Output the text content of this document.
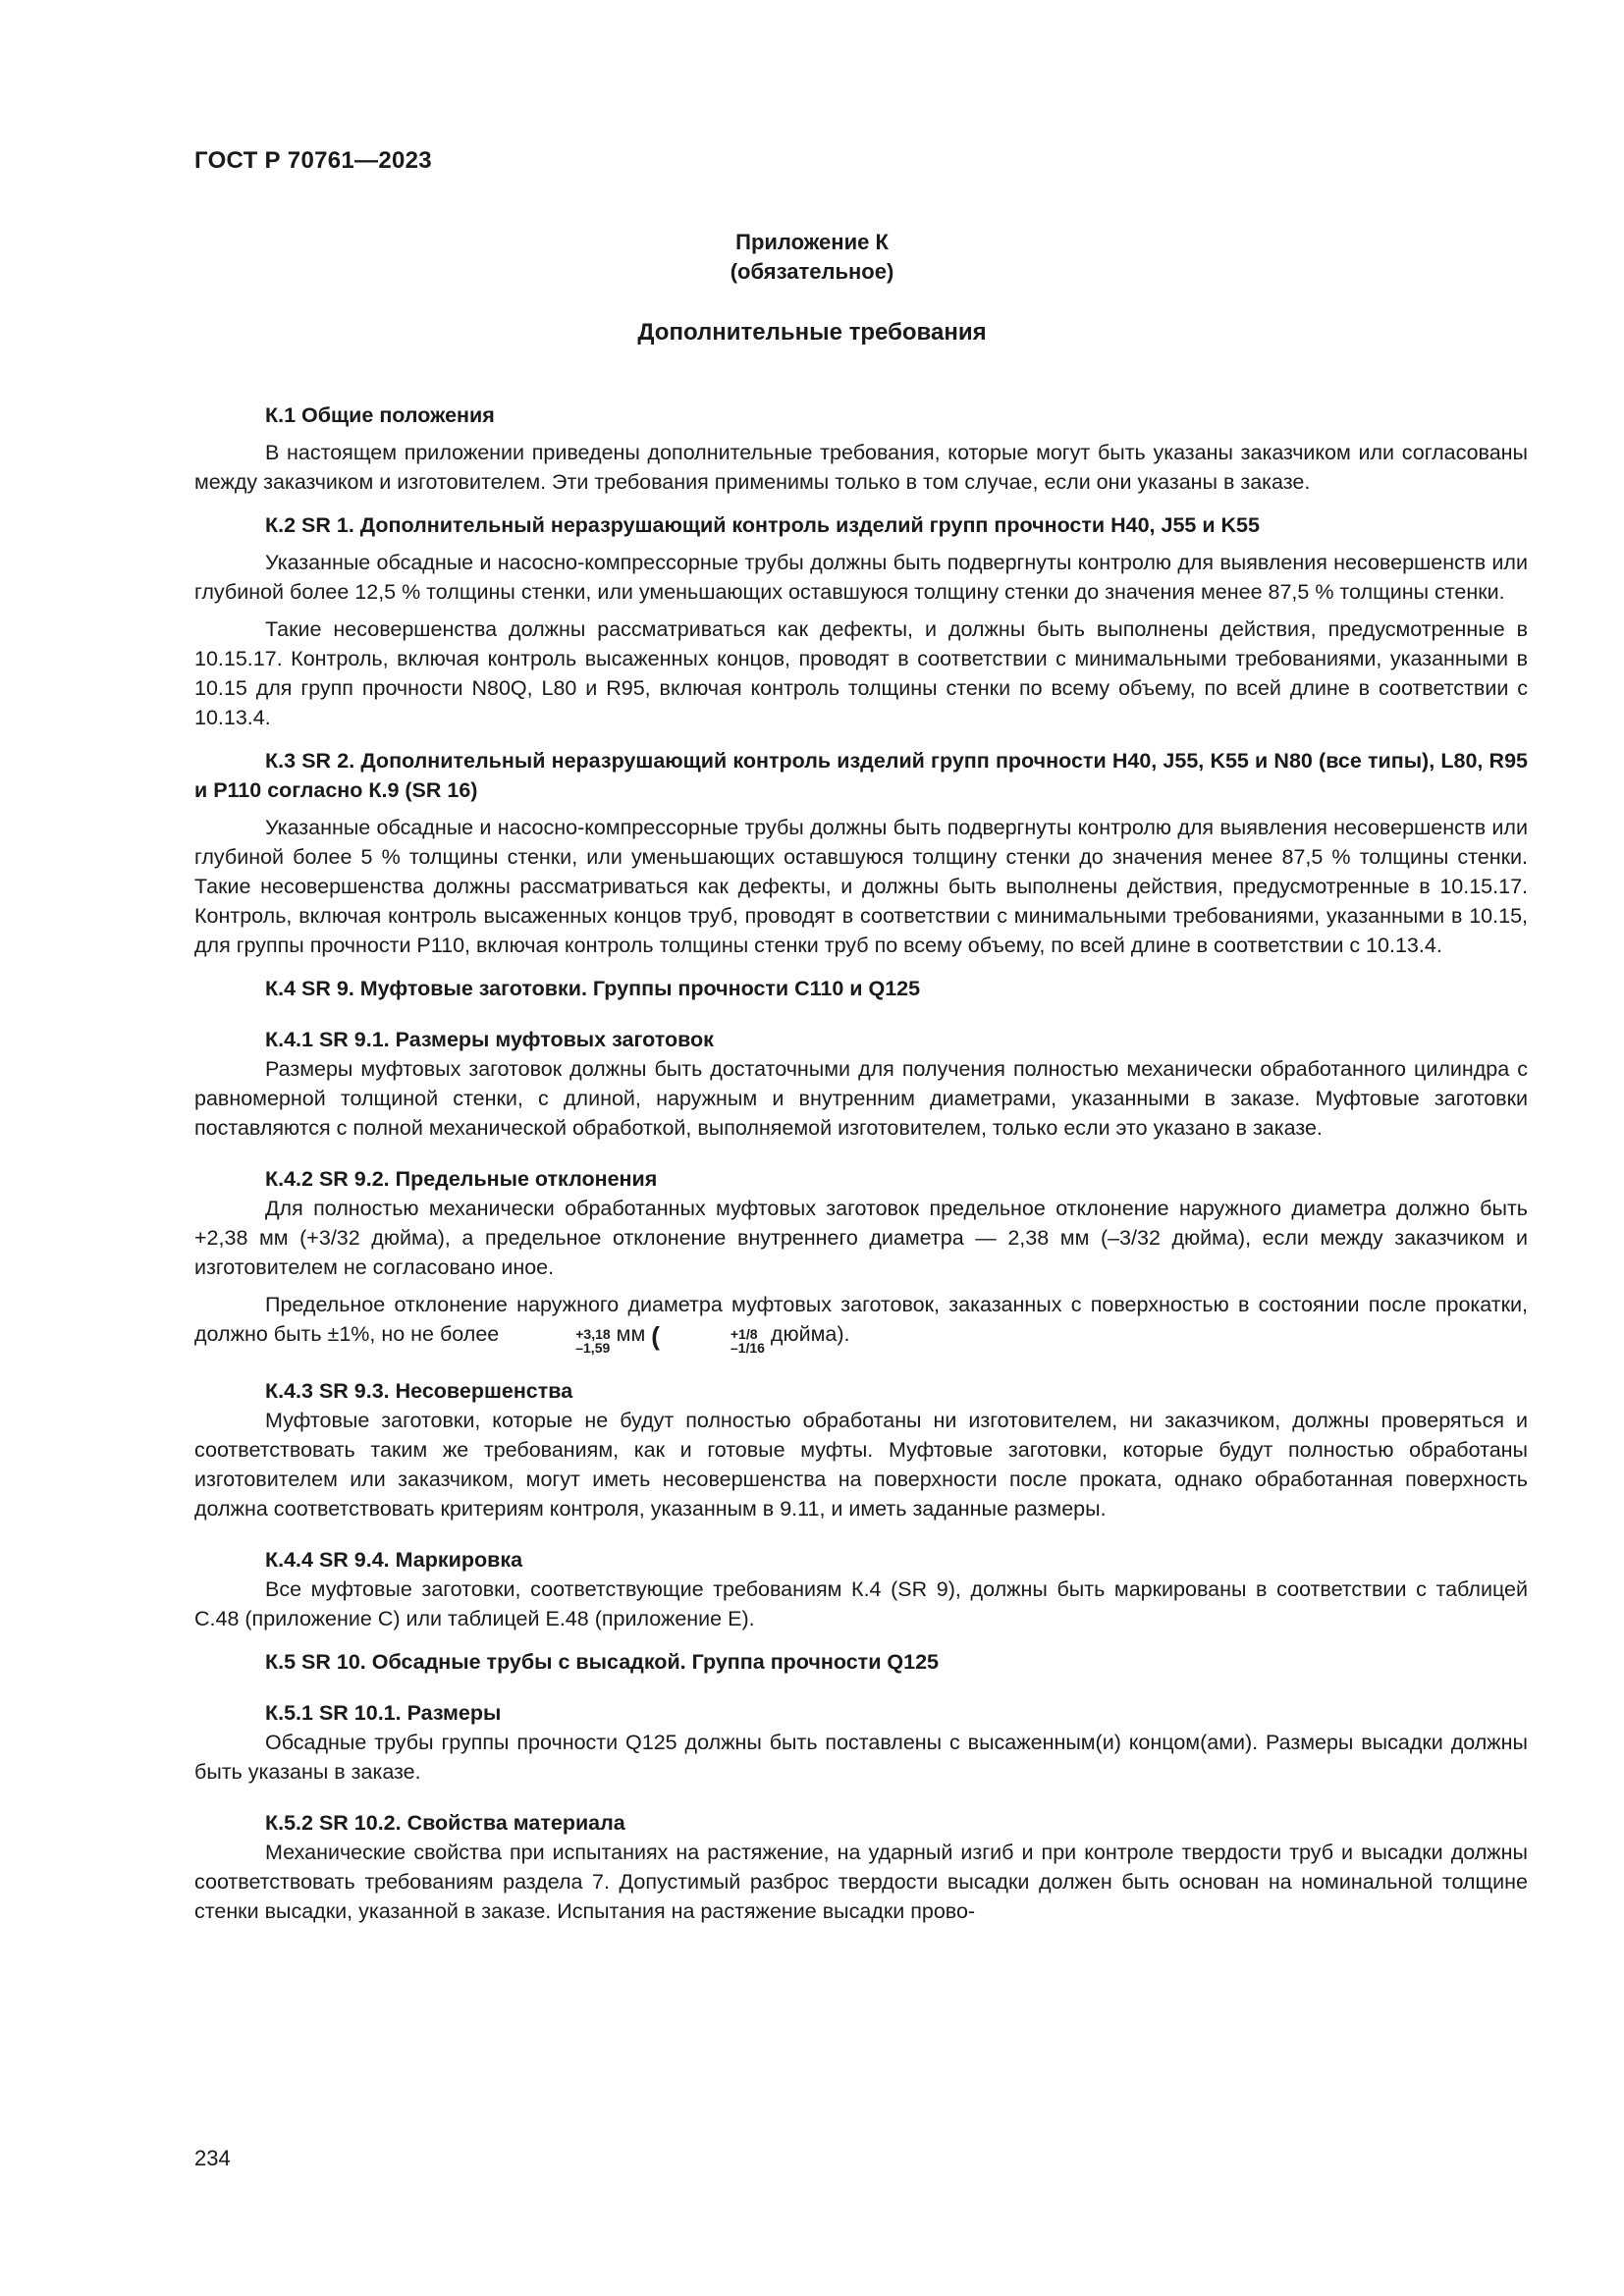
ГОСТ Р 70761—2023
Приложение К
(обязательное)
Дополнительные требования
К.1 Общие положения

В настоящем приложении приведены дополнительные требования, которые могут быть указаны заказчиком или согласованы между заказчиком и изготовителем. Эти требования применимы только в том случае, если они указаны в заказе.

К.2 SR 1. Дополнительный неразрушающий контроль изделий групп прочности Н40, J55 и K55

Указанные обсадные и насосно-компрессорные трубы должны быть подвергнуты контролю для выявления несовершенств или глубиной более 12,5 % толщины стенки, или уменьшающих оставшуюся толщину стенки до значения менее 87,5 % толщины стенки.

Такие несовершенства должны рассматриваться как дефекты, и должны быть выполнены действия, предусмотренные в 10.15.17. Контроль, включая контроль высаженных концов, проводят в соответствии с минимальными требованиями, указанными в 10.15 для групп прочности N80Q, L80 и R95, включая контроль толщины стенки по всему объему, по всей длине в соответствии с 10.13.4.

К.3 SR 2. Дополнительный неразрушающий контроль изделий групп прочности Н40, J55, K55 и N80 (все типы), L80, R95 и Р110 согласно К.9 (SR 16)

Указанные обсадные и насосно-компрессорные трубы должны быть подвергнуты контролю для выявления несовершенств или глубиной более 5 % толщины стенки, или уменьшающих оставшуюся толщину стенки до значения менее 87,5 % толщины стенки. Такие несовершенства должны рассматриваться как дефекты, и должны быть выполнены действия, предусмотренные в 10.15.17. Контроль, включая контроль высаженных концов труб, проводят в соответствии с минимальными требованиями, указанными в 10.15, для группы прочности Р110, включая контроль толщины стенки труб по всему объему, по всей длине в соответствии с 10.13.4.

К.4 SR 9. Муфтовые заготовки. Группы прочности С110 и Q125
К.4.1 SR 9.1. Размеры муфтовых заготовок

Размеры муфтовых заготовок должны быть достаточными для получения полностью механически обработанного цилиндра с равномерной толщиной стенки, с длиной, наружным и внутренним диаметрами, указанными в заказе. Муфтовые заготовки поставляются с полной механической обработкой, выполняемой изготовителем, только если это указано в заказе.

К.4.2 SR 9.2. Предельные отклонения

Для полностью механически обработанных муфтовых заготовок предельное отклонение наружного диаметра должно быть +2,38 мм (+3/32 дюйма), а предельное отклонение внутреннего диаметра — 2,38 мм (–3/32 дюйма), если между заказчиком и изготовителем не согласовано иное.

Предельное отклонение наружного диаметра муфтовых заготовок, заказанных с поверхностью в состоянии после прокатки, должно быть ±1%, но не более	+3,18
–1,59
мм (	+1/8
–1/16
дюйма).

К.4.3 SR 9.3. Несовершенства

Муфтовые заготовки, которые не будут полностью обработаны ни изготовителем, ни заказчиком, должны проверяться и соответствовать таким же требованиям, как и готовые муфты. Муфтовые заготовки, которые будут полностью обработаны изготовителем или заказчиком, могут иметь несовершенства на поверхности после проката, однако обработанная поверхность должна соответствовать критериям контроля, указанным в 9.11, и иметь заданные размеры.

К.4.4 SR 9.4. Маркировка

Все муфтовые заготовки, соответствующие требованиям К.4 (SR 9), должны быть маркированы в соответствии с таблицей С.48 (приложение С) или таблицей Е.48 (приложение Е).

К.5 SR 10. Обсадные трубы с высадкой. Группа прочности Q125
К.5.1 SR 10.1. Размеры

Обсадные трубы группы прочности Q125 должны быть поставлены с высаженным(и) концом(ами). Размеры высадки должны быть указаны в заказе.

К.5.2 SR 10.2. Свойства материала

Механические свойства при испытаниях на растяжение, на ударный изгиб и при контроле твердости труб и высадки должны соответствовать требованиям раздела 7. Допустимый разброс твердости высадки должен быть основан на номинальной толщине стенки высадки, указанной в заказе. Испытания на растяжение высадки прово-

234
